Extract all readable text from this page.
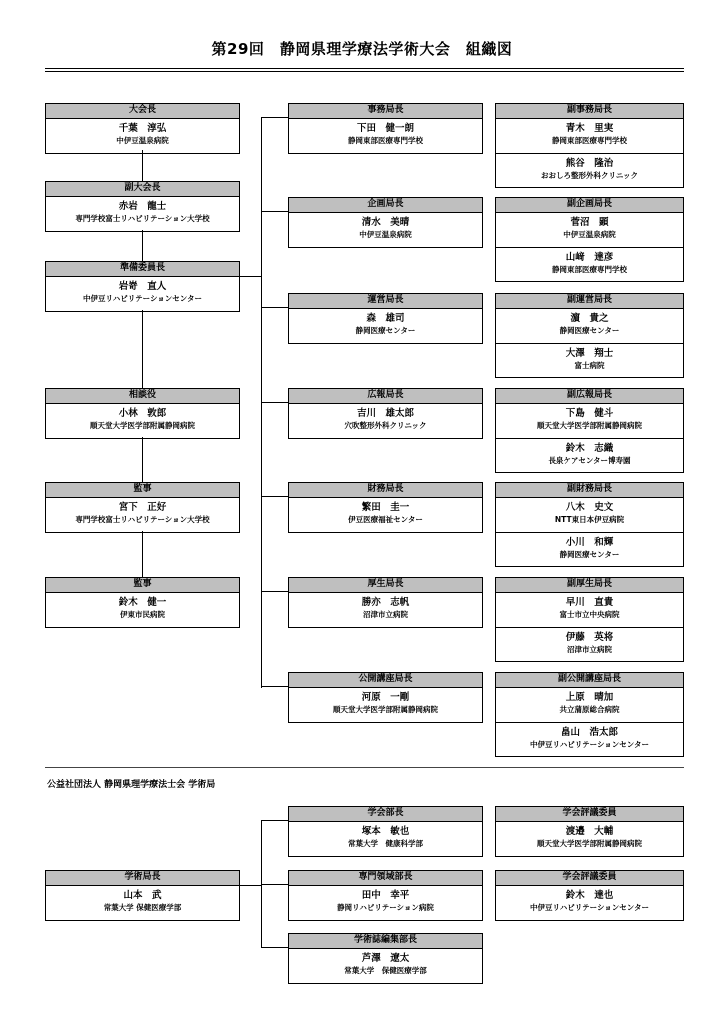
第29回　静岡県理学療法学術大会　組織図
大会長
千葉　淳弘
中伊豆温泉病院
副大会長
赤岩　龍士
専門学校富士リハビリテーション大学校
準備委員長
岩嵜　直人
中伊豆リハビリテーションセンター
相談役
小林　敦郎
順天堂大学医学部附属静岡病院
監事
宮下　正好
専門学校富士リハビリテーション大学校
監事
鈴木　健一
伊東市民病院
事務局長
下田　健一朗
静岡東部医療専門学校
副事務局長
青木　里実
静岡東部医療専門学校
熊谷　隆治
おおしろ整形外科クリニック
企画局長
清水　美晴
中伊豆温泉病院
副企画局長
菅沼　顕
中伊豆温泉病院
山﨑　達彦
静岡東部医療専門学校
運営局長
森　雄司
静岡医療センター
副運営局長
濵　貴之
静岡医療センター
大澤　翔士
富士病院
広報局長
吉川　雄太郎
穴吹整形外科クリニック
副広報局長
下島　健斗
順天堂大学医学部附属静岡病院
鈴木　志織
長泉ケアセンター博寿園
財務局長
繁田　圭一
伊豆医療福祉センター
副財務局長
八木　史文
NTT東日本伊豆病院
小川　和輝
静岡医療センター
厚生局長
勝亦　志帆
沼津市立病院
副厚生局長
早川　直貴
富士市立中央病院
伊藤　英将
沼津市立病院
公開講座局長
河原　一剛
順天堂大学医学部附属静岡病院
副公開講座局長
上原　晴加
共立蒲原総合病院
畠山　浩太郎
中伊豆リハビリテーションセンター
学術局長
山本　武
常葉大学 保健医療学部
学会部長
塚本　敏也
常葉大学　健康科学部
専門領域部長
田中　幸平
静岡リハビリテーション病院
学術誌編集部長
芦澤　遼太
常葉大学　保健医療学部
学会評議委員
渡邉　大輔
順天堂大学医学部附属静岡病院
学会評議委員
鈴木　達也
中伊豆リハビリテーションセンター
公益社団法人 静岡県理学療法士会 学術局
